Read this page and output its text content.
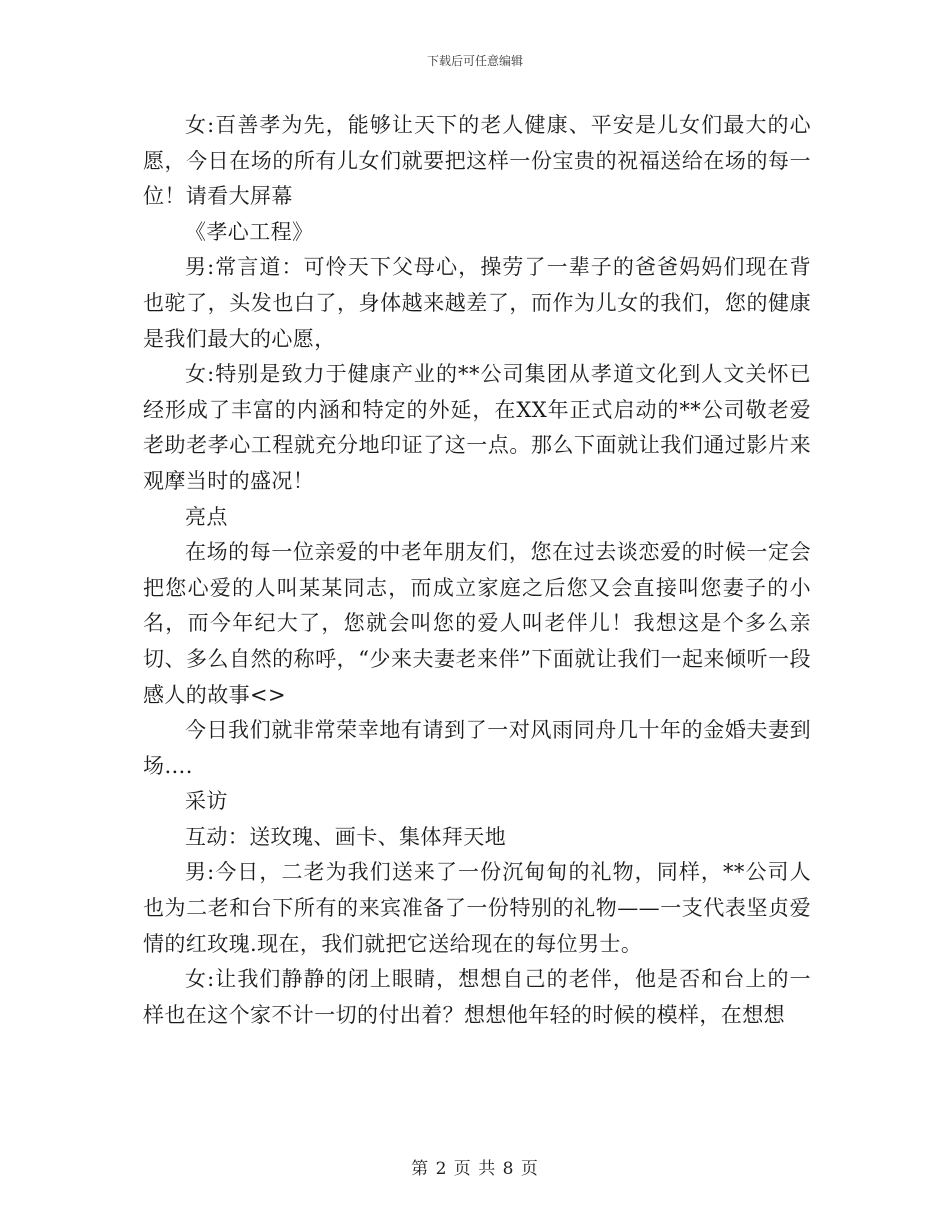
下载后可任意编辑

女:百善孝为先，能够让天下的老人健康、平安是儿女们最大的心愿，今日在场的所有儿女们就要把这样一份宝贵的祝福送给在场的每一位！请看大屏幕

《孝心工程》

男:常言道：可怜天下父母心，操劳了一辈子的爸爸妈妈们现在背也驼了，头发也白了，身体越来越差了，而作为儿女的我们，您的健康是我们最大的心愿，

女:特别是致力于健康产业的**公司集团从孝道文化到人文关怀已经形成了丰富的内涵和特定的外延，在XX年正式启动的**公司敬老爱老助老孝心工程就充分地印证了这一点。那么下面就让我们通过影片来观摩当时的盛况！

亮点

在场的每一位亲爱的中老年朋友们，您在过去谈恋爱的时候一定会把您心爱的人叫某某同志，而成立家庭之后您又会直接叫您妻子的小名，而今年纪大了，您就会叫您的爱人叫老伴儿！我想这是个多么亲切、多么自然的称呼，“少来夫妻老来伴”下面就让我们一起来倾听一段感人的故事<>

今日我们就非常荣幸地有请到了一对风雨同舟几十年的金婚夫妻到场….

采访

互动：送玫瑰、画卡、集体拜天地

男:今日，二老为我们送来了一份沉甸甸的礼物，同样，**公司人也为二老和台下所有的来宾准备了一份特别的礼物——一支代表坚贞爱情的红玫瑰.现在，我们就把它送给现在的每位男士。

女:让我们静静的闭上眼睛，想想自己的老伴，他是否和台上的一样也在这个家不计一切的付出着？想想他年轻的时候的模样，在想想

第 2 页 共 8 页
